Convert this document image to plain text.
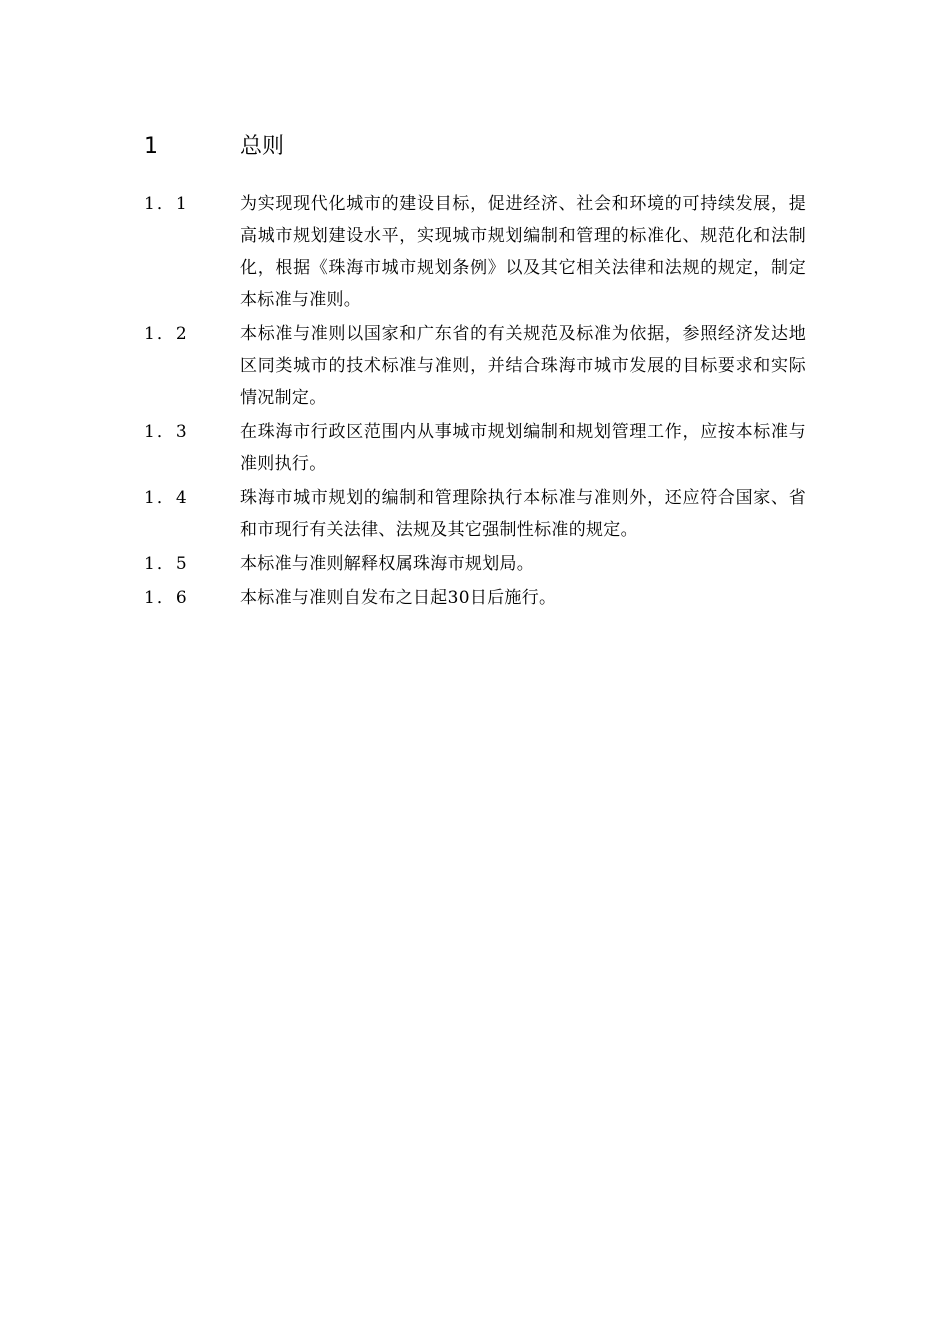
1	总则
1．1	为实现现代化城市的建设目标，促进经济、社会和环境的可持续发展，提高城市规划建设水平，实现城市规划编制和管理的标准化、规范化和法制化，根据《珠海市城市规划条例》以及其它相关法律和法规的规定，制定本标准与准则。
1．2	本标准与准则以国家和广东省的有关规范及标准为依据，参照经济发达地区同类城市的技术标准与准则，并结合珠海市城市发展的目标要求和实际情况制定。
1．3	在珠海市行政区范围内从事城市规划编制和规划管理工作，应按本标准与准则执行。
1．4	珠海市城市规划的编制和管理除执行本标准与准则外，还应符合国家、省和市现行有关法律、法规及其它强制性标准的规定。
1．5	本标准与准则解释权属珠海市规划局。
1．6	本标准与准则自发布之日起30日后施行。
